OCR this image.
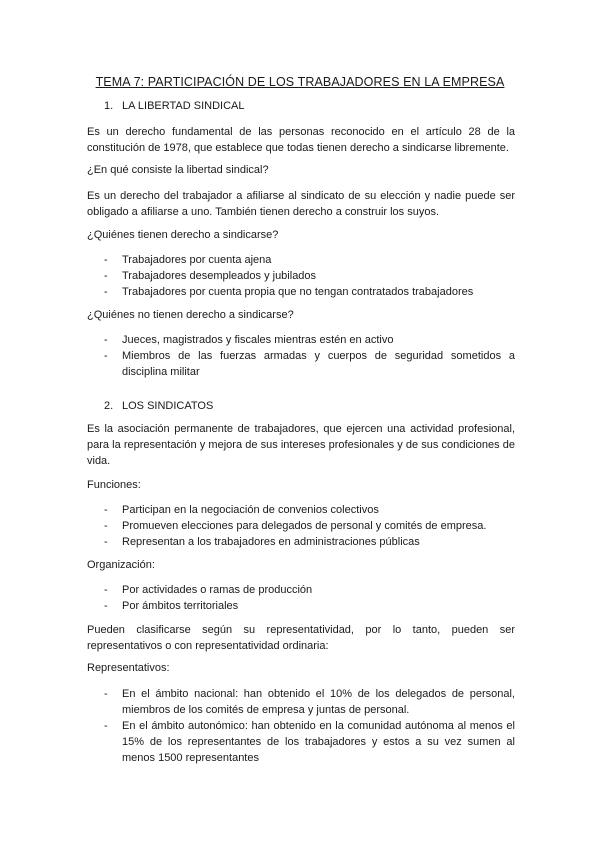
TEMA 7: PARTICIPACIÓN DE LOS TRABAJADORES EN LA EMPRESA
1. LA LIBERTAD SINDICAL
Es un derecho fundamental de las personas reconocido en el artículo 28 de la constitución de 1978, que establece que todas tienen derecho a sindicarse libremente.
¿En qué consiste la libertad sindical?
Es un derecho del trabajador a afiliarse al sindicato de su elección y nadie puede ser obligado a afiliarse a uno. También tienen derecho a construir los suyos.
¿Quiénes tienen derecho a sindicarse?
- Trabajadores por cuenta ajena
- Trabajadores desempleados y jubilados
- Trabajadores por cuenta propia que no tengan contratados trabajadores
¿Quiénes no tienen derecho a sindicarse?
- Jueces, magistrados y fiscales mientras estén en activo
- Miembros de las fuerzas armadas y cuerpos de seguridad sometidos a disciplina militar
2. LOS SINDICATOS
Es la asociación permanente de trabajadores, que ejercen una actividad profesional, para la representación y mejora de sus intereses profesionales y de sus condiciones de vida.
Funciones:
- Participan en la negociación de convenios colectivos
- Promueven elecciones para delegados de personal y comités de empresa.
- Representan a los trabajadores en administraciones públicas
Organización:
- Por actividades o ramas de producción
- Por ámbitos territoriales
Pueden clasificarse según su representatividad, por lo tanto, pueden ser representativos o con representatividad ordinaria:
Representativos:
- En el ámbito nacional: han obtenido el 10% de los delegados de personal, miembros de los comités de empresa y juntas de personal.
- En el ámbito autonómico: han obtenido en la comunidad autónoma al menos el 15% de los representantes de los trabajadores y estos a su vez sumen al menos 1500 representantes
